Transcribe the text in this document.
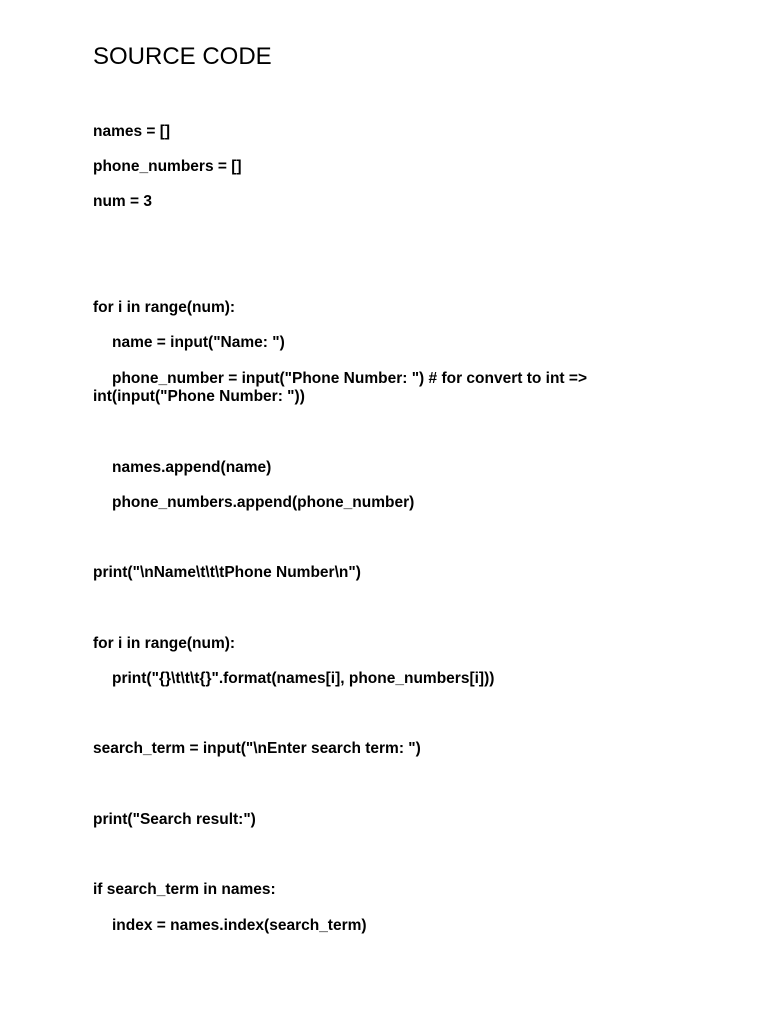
SOURCE CODE
names = []
phone_numbers = []
num = 3
for i in range(num):
name = input("Name: ")
phone_number = input("Phone Number: ") # for convert to int => int(input("Phone Number: "))
names.append(name)
phone_numbers.append(phone_number)
print("\nName\t\t\tPhone Number\n")
for i in range(num):
print("{}\t\t\t{}".format(names[i], phone_numbers[i]))
search_term = input("\nEnter search term: ")
print("Search result:")
if search_term in names:
index = names.index(search_term)
